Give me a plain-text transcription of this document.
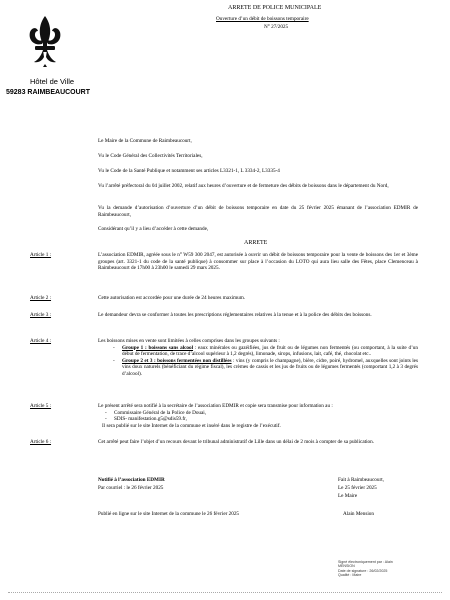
Hôtel de Ville
59283 RAIMBEAUCOURT
ARRETE DE POLICE MUNICIPALE
Ouverture d’un débit de boissons temporaire
N° 27/2025
Le Maire de la Commune de Raimbeaucourt,
Vu le Code Général des Collectivités Territoriales,
Vu le Code de la Santé Publique et notamment ses articles L3321-1, L 3334-2, L3335-4
Vu l’arrêté préfectoral du 04 juillet 2002, relatif aux heures d’ouverture et de fermeture des débits de boissons dans le département du Nord,
Vu la demande d’autorisation d’ouverture d’un débit de boissons temporaire en date du 25 février 2025 émanant de l’association EDMIR de Raimbeaucourt,
Considérant qu’il y a lieu d’accéder à cette demande,
ARRETE
Article 1 :	L’association EDMIR, agréée sous le n° W59 300 2047, est autorisée à ouvrir un débit de boissons temporaire pour la vente de boissons des 1er et 3ème groupes (art. 3321-1 du code de la santé publique) à consommer sur place à l’occasion du LOTO qui aura lieu salle des Fêtes, place Clemenceau à Raimbeaucourt de 17h00 à 23h00 le samedi 29 mars 2025.
Article 2 :	Cette autorisation est accordée pour une durée de 24 heures maximum.
Article 3 :	Le demandeur devra se conformer à toutes les prescriptions réglementaires relatives à la tenue et à la police des débits des boissons.
Article 4 :	Les boissons mises en vente sont limitées à celles comprises dans les groupes suivants :
- Groupe 1 : boissons sans alcool : eaux minérales ou gazéifiées, jus de fruit ou de légumes non fermentés (ou comportant, à la suite d’un début de fermentation, de trace d’alcool supérieur à 1,2 degrés), limonade, sirops, infusions, lait, café, thé, chocolat etc..
- Groupe 2 et 3 : boissons fermentées non distillées : vins (y compris le champagne), bière, cidre, poiré, hydromel, auxquelles sont joints les vins doux naturels (bénéficiant du régime fiscal), les crèmes de cassis et les jus de fruits ou de légumes fermentés (comportant 1,2 à 3 degrés d’alcool).
Article 5 :	Le présent arrêté sera notifié à la secrétaire de l’association EDMIR et copie sera transmise pour information au :
- Commissaire Général de la Police de Douai,
- SDIS- manifestation.g5@sdis59.fr,
Il sera publié sur le site Internet de la commune et inséré dans le registre de l’exécutif.
Article 6 :	Cet arrêté peut faire l’objet d’un recours devant le tribunal administratif de Lille dans un délai de 2 mois à compter de sa publication.
Notifié à l’association EDMIR
Par courriel : le 26 février 2025
Fait à Raimbeaucourt,
Le 25 février 2025
Le Maire
Publié en ligne sur le site Internet de la commune le 26 février 2025	Alain Mension
Signé électroniquement par : Alain
MENSION
Date de signature : 26/02/2025
Qualité : Maire
